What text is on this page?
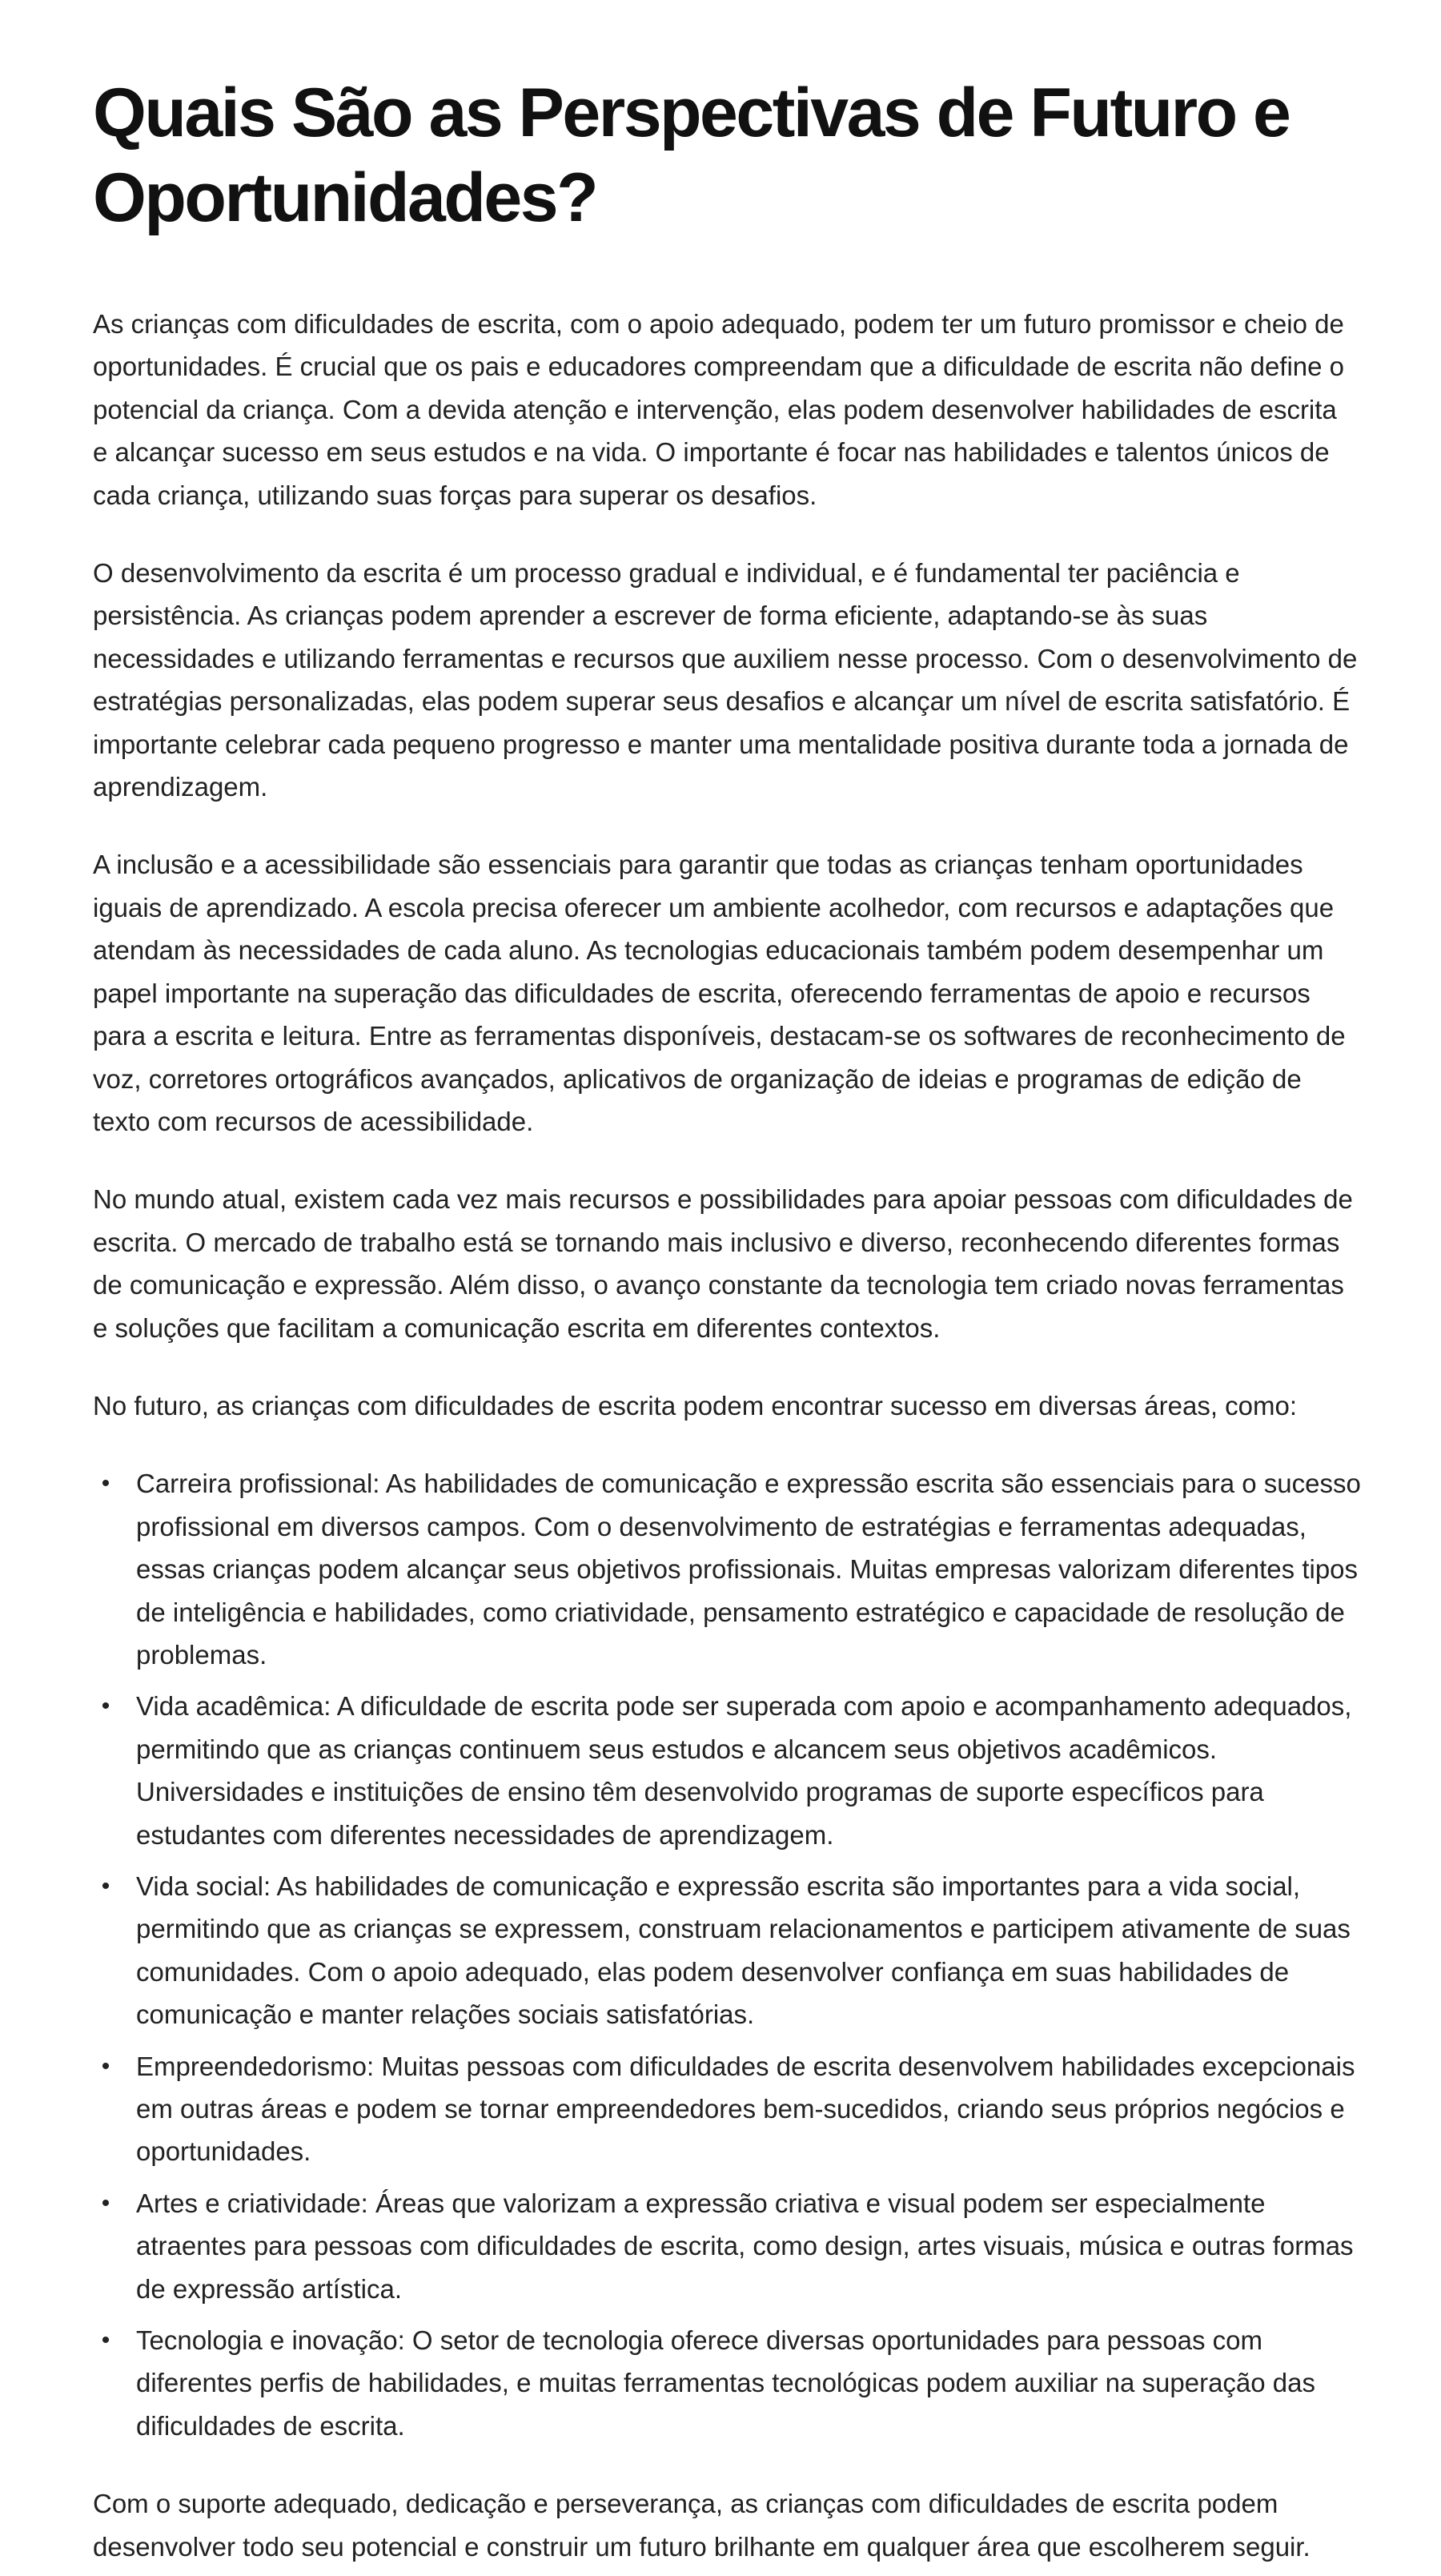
Quais São as Perspectivas de Futuro e Oportunidades?

As crianças com dificuldades de escrita, com o apoio adequado, podem ter um futuro promissor e cheio de oportunidades. É crucial que os pais e educadores compreendam que a dificuldade de escrita não define o potencial da criança. Com a devida atenção e intervenção, elas podem desenvolver habilidades de escrita e alcançar sucesso em seus estudos e na vida. O importante é focar nas habilidades e talentos únicos de cada criança, utilizando suas forças para superar os desafios.

O desenvolvimento da escrita é um processo gradual e individual, e é fundamental ter paciência e persistência. As crianças podem aprender a escrever de forma eficiente, adaptando-se às suas necessidades e utilizando ferramentas e recursos que auxiliem nesse processo. Com o desenvolvimento de estratégias personalizadas, elas podem superar seus desafios e alcançar um nível de escrita satisfatório. É importante celebrar cada pequeno progresso e manter uma mentalidade positiva durante toda a jornada de aprendizagem.

A inclusão e a acessibilidade são essenciais para garantir que todas as crianças tenham oportunidades iguais de aprendizado. A escola precisa oferecer um ambiente acolhedor, com recursos e adaptações que atendam às necessidades de cada aluno. As tecnologias educacionais também podem desempenhar um papel importante na superação das dificuldades de escrita, oferecendo ferramentas de apoio e recursos para a escrita e leitura. Entre as ferramentas disponíveis, destacam-se os softwares de reconhecimento de voz, corretores ortográficos avançados, aplicativos de organização de ideias e programas de edição de texto com recursos de acessibilidade.

No mundo atual, existem cada vez mais recursos e possibilidades para apoiar pessoas com dificuldades de escrita. O mercado de trabalho está se tornando mais inclusivo e diverso, reconhecendo diferentes formas de comunicação e expressão. Além disso, o avanço constante da tecnologia tem criado novas ferramentas e soluções que facilitam a comunicação escrita em diferentes contextos.

No futuro, as crianças com dificuldades de escrita podem encontrar sucesso em diversas áreas, como:

• Carreira profissional: As habilidades de comunicação e expressão escrita são essenciais para o sucesso profissional em diversos campos. Com o desenvolvimento de estratégias e ferramentas adequadas, essas crianças podem alcançar seus objetivos profissionais. Muitas empresas valorizam diferentes tipos de inteligência e habilidades, como criatividade, pensamento estratégico e capacidade de resolução de problemas.
• Vida acadêmica: A dificuldade de escrita pode ser superada com apoio e acompanhamento adequados, permitindo que as crianças continuem seus estudos e alcancem seus objetivos acadêmicos. Universidades e instituições de ensino têm desenvolvido programas de suporte específicos para estudantes com diferentes necessidades de aprendizagem.
• Vida social: As habilidades de comunicação e expressão escrita são importantes para a vida social, permitindo que as crianças se expressem, construam relacionamentos e participem ativamente de suas comunidades. Com o apoio adequado, elas podem desenvolver confiança em suas habilidades de comunicação e manter relações sociais satisfatórias.
• Empreendedorismo: Muitas pessoas com dificuldades de escrita desenvolvem habilidades excepcionais em outras áreas e podem se tornar empreendedores bem-sucedidos, criando seus próprios negócios e oportunidades.
• Artes e criatividade: Áreas que valorizam a expressão criativa e visual podem ser especialmente atraentes para pessoas com dificuldades de escrita, como design, artes visuais, música e outras formas de expressão artística.
• Tecnologia e inovação: O setor de tecnologia oferece diversas oportunidades para pessoas com diferentes perfis de habilidades, e muitas ferramentas tecnológicas podem auxiliar na superação das dificuldades de escrita.

Com o suporte adequado, dedicação e perseverança, as crianças com dificuldades de escrita podem desenvolver todo seu potencial e construir um futuro brilhante em qualquer área que escolherem seguir.
